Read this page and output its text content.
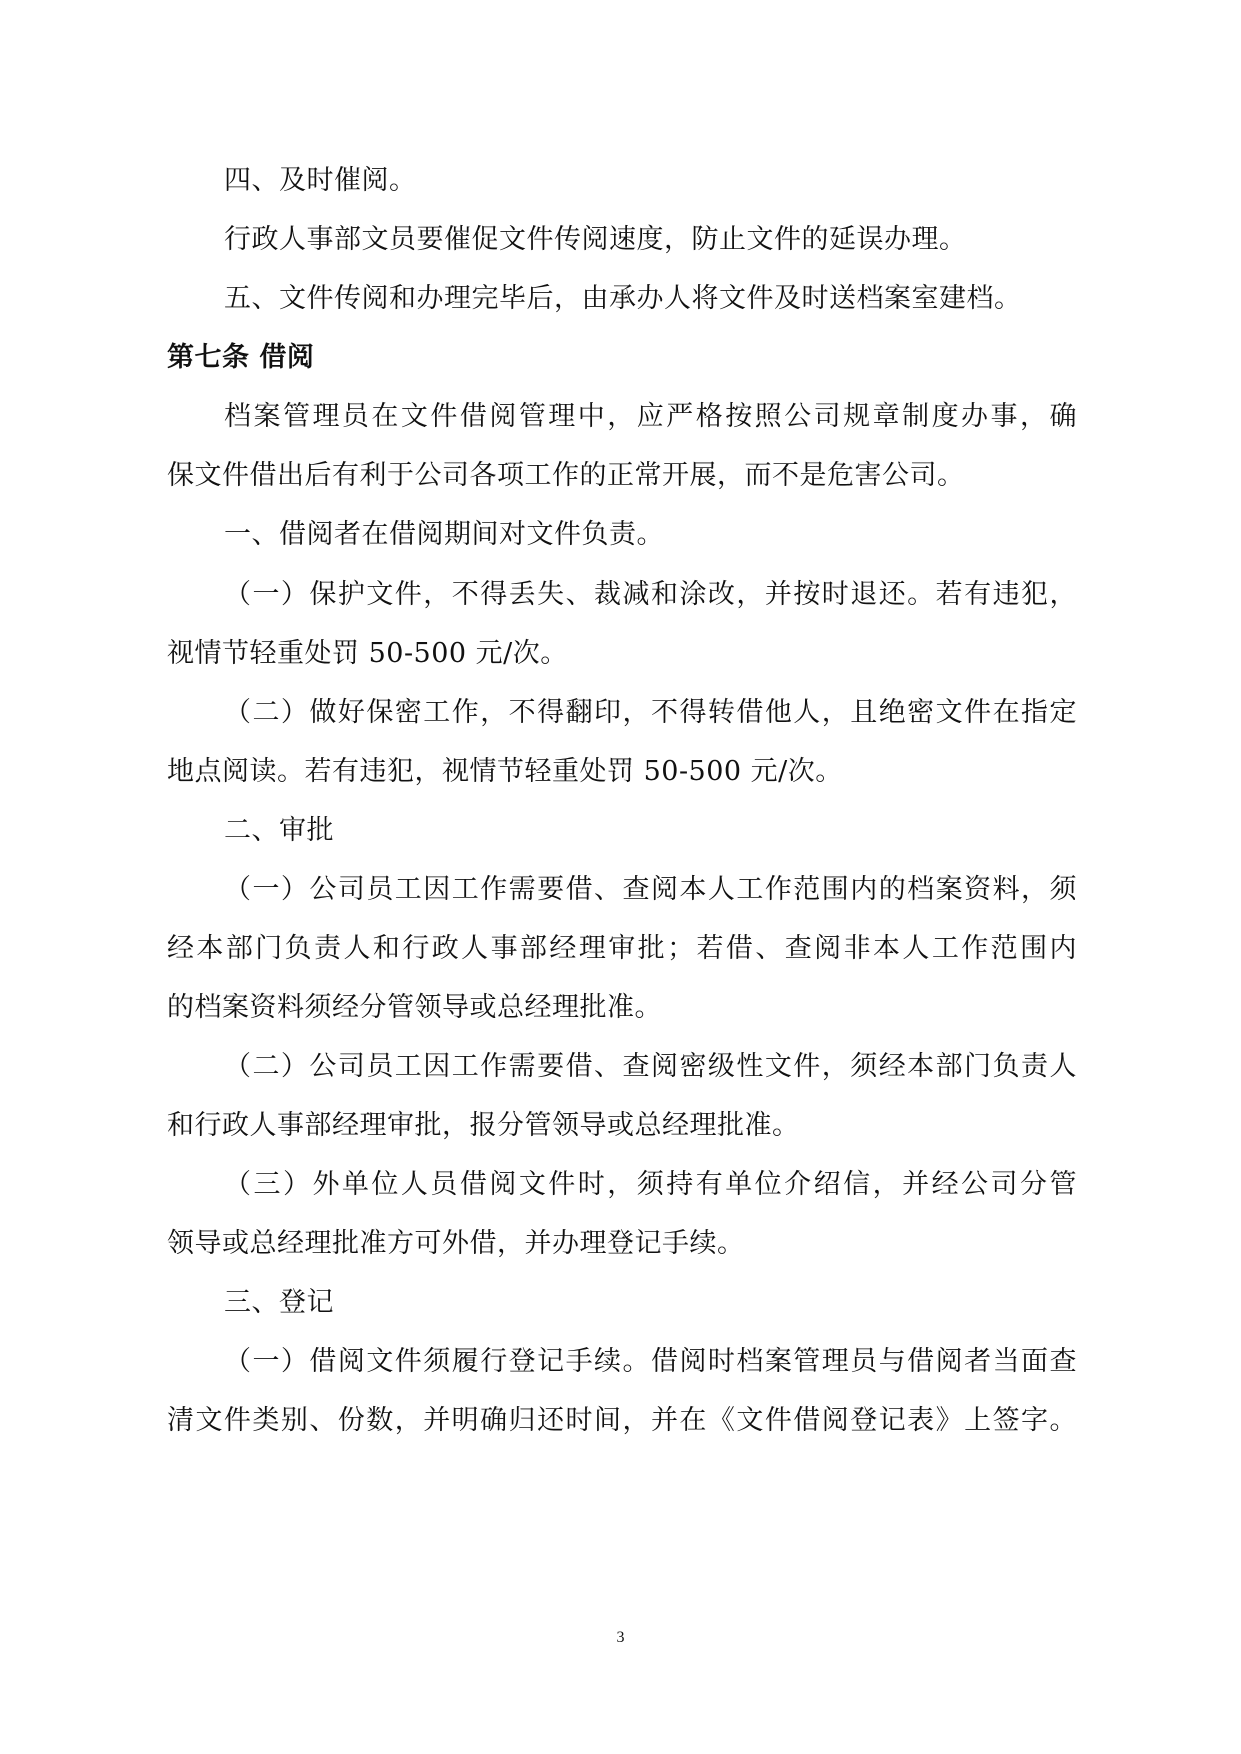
四、及时催阅。
行政人事部文员要催促文件传阅速度，防止文件的延误办理。
五、文件传阅和办理完毕后，由承办人将文件及时送档案室建档。
第七条 借阅
档案管理员在文件借阅管理中，应严格按照公司规章制度办事，确
保文件借出后有利于公司各项工作的正常开展，而不是危害公司。
一、借阅者在借阅期间对文件负责。
（一）保护文件，不得丢失、裁减和涂改，并按时退还。若有违犯，
视情节轻重处罚 50-500 元/次。
（二）做好保密工作，不得翻印，不得转借他人，且绝密文件在指定
地点阅读。若有违犯，视情节轻重处罚 50-500 元/次。
二、审批
（一）公司员工因工作需要借、查阅本人工作范围内的档案资料，须
经本部门负责人和行政人事部经理审批；若借、查阅非本人工作范围内
的档案资料须经分管领导或总经理批准。
（二）公司员工因工作需要借、查阅密级性文件，须经本部门负责人
和行政人事部经理审批，报分管领导或总经理批准。
（三）外单位人员借阅文件时，须持有单位介绍信，并经公司分管
领导或总经理批准方可外借，并办理登记手续。
三、登记
（一）借阅文件须履行登记手续。借阅时档案管理员与借阅者当面查
清文件类别、份数，并明确归还时间，并在《文件借阅登记表》上签字。
3
